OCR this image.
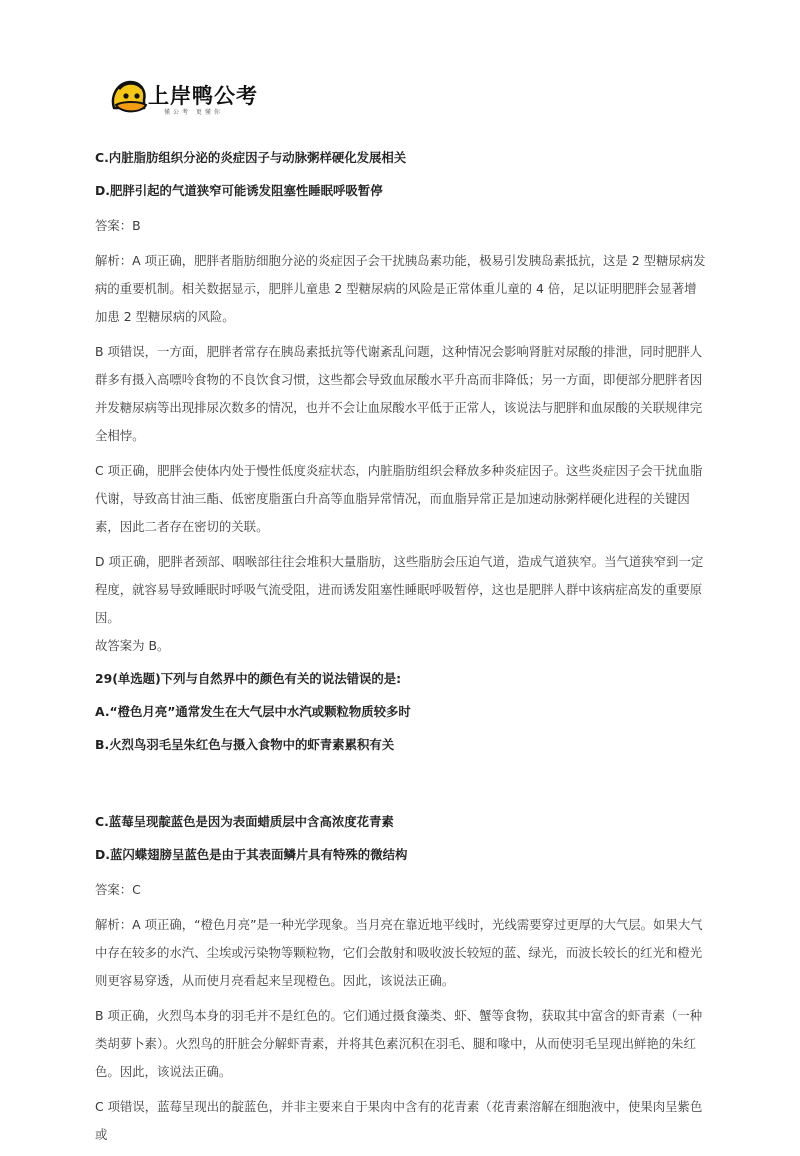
上岸鸭公考
懂公考 更懂你
C.内脏脂肪组织分泌的炎症因子与动脉粥样硬化发展相关
D.肥胖引起的气道狭窄可能诱发阻塞性睡眠呼吸暂停
答案：B
解析：A 项正确，肥胖者脂肪细胞分泌的炎症因子会干扰胰岛素功能，极易引发胰岛素抵抗，这是 2 型糖尿病发病的重要机制。相关数据显示，肥胖儿童患 2 型糖尿病的风险是正常体重儿童的 4 倍，足以证明肥胖会显著增加患 2 型糖尿病的风险。
B 项错误，一方面，肥胖者常存在胰岛素抵抗等代谢紊乱问题，这种情况会影响肾脏对尿酸的排泄，同时肥胖人群多有摄入高嘌呤食物的不良饮食习惯，这些都会导致血尿酸水平升高而非降低；另一方面，即便部分肥胖者因并发糖尿病等出现排尿次数多的情况，也并不会让血尿酸水平低于正常人，该说法与肥胖和血尿酸的关联规律完全相悖。
C 项正确，肥胖会使体内处于慢性低度炎症状态，内脏脂肪组织会释放多种炎症因子。这些炎症因子会干扰血脂代谢，导致高甘油三酯、低密度脂蛋白升高等血脂异常情况，而血脂异常正是加速动脉粥样硬化进程的关键因素，因此二者存在密切的关联。
D 项正确，肥胖者颈部、咽喉部往往会堆积大量脂肪，这些脂肪会压迫气道，造成气道狭窄。当气道狭窄到一定程度，就容易导致睡眠时呼吸气流受阻，进而诱发阻塞性睡眠呼吸暂停，这也是肥胖人群中该病症高发的重要原因。
故答案为 B。
29(单选题)下列与自然界中的颜色有关的说法错误的是:
A.“橙色月亮”通常发生在大气层中水汽或颗粒物质较多时
B.火烈鸟羽毛呈朱红色与摄入食物中的虾青素累积有关
C.蓝莓呈现靛蓝色是因为表面蜡质层中含高浓度花青素
D.蓝闪蝶翅膀呈蓝色是由于其表面鳞片具有特殊的微结构
答案：C
解析：A 项正确，“橙色月亮”是一种光学现象。当月亮在靠近地平线时，光线需要穿过更厚的大气层。如果大气中存在较多的水汽、尘埃或污染物等颗粒物，它们会散射和吸收波长较短的蓝、绿光，而波长较长的红光和橙光则更容易穿透，从而使月亮看起来呈现橙色。因此，该说法正确。
B 项正确，火烈鸟本身的羽毛并不是红色的。它们通过摄食藻类、虾、蟹等食物，获取其中富含的虾青素（一种类胡萝卜素）。火烈鸟的肝脏会分解虾青素，并将其色素沉积在羽毛、腿和喙中，从而使羽毛呈现出鲜艳的朱红色。因此，该说法正确。
C 项错误，蓝莓呈现出的靛蓝色，并非主要来自于果肉中含有的花青素（花青素溶解在细胞液中，使果肉呈紫色或
